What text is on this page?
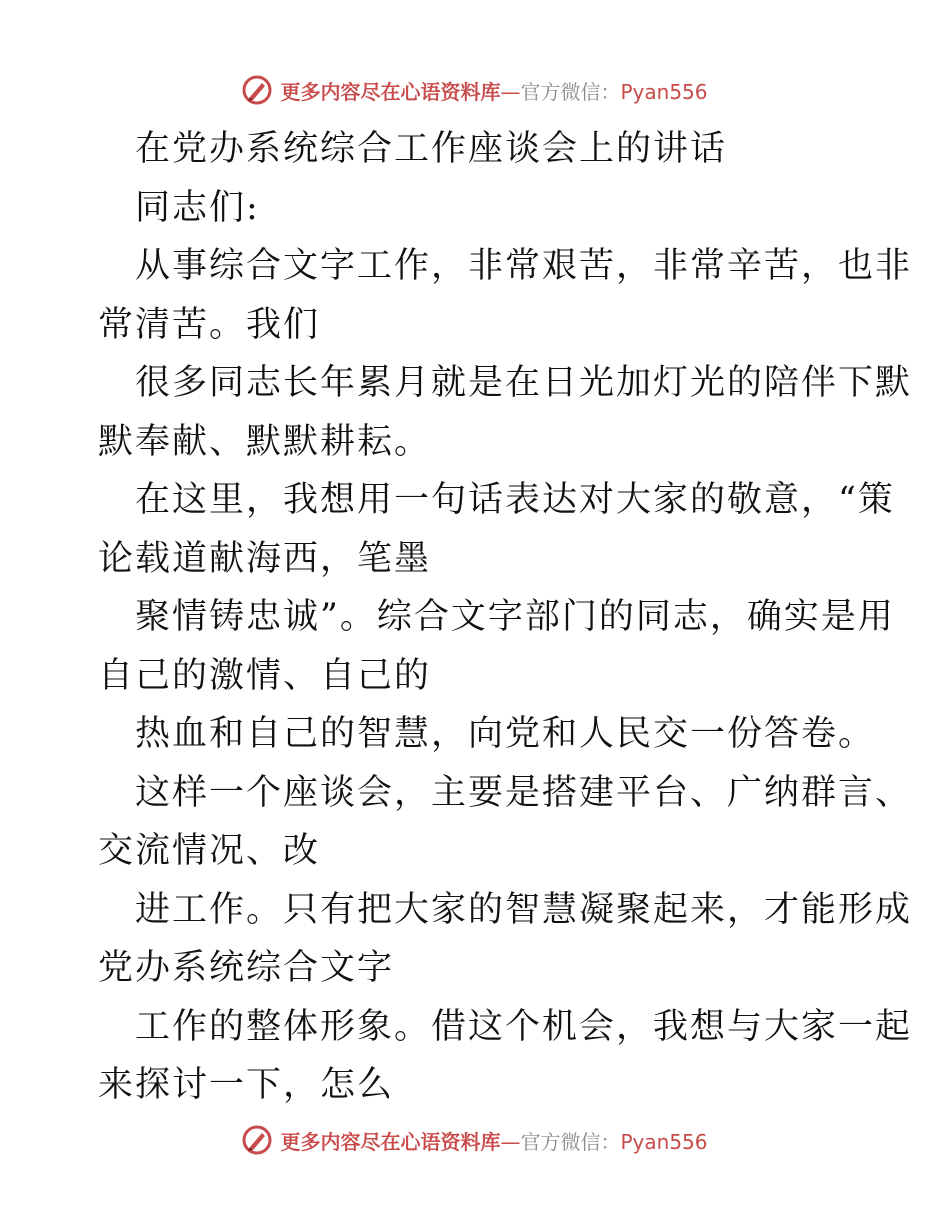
更多内容尽在心语资料库—官方微信：Pyan556
在党办系统综合工作座谈会上的讲话
同志们:
从事综合文字工作，非常艰苦，非常辛苦，也非
常清苦。我们
很多同志长年累月就是在日光加灯光的陪伴下默
默奉献、默默耕耘。
在这里，我想用一句话表达对大家的敬意，“策
论载道献海西，笔墨
聚情铸忠诚”。综合文字部门的同志，确实是用
自己的激情、自己的
热血和自己的智慧，向党和人民交一份答卷。
这样一个座谈会，主要是搭建平台、广纳群言、
交流情况、改
进工作。只有把大家的智慧凝聚起来，才能形成
党办系统综合文字
工作的整体形象。借这个机会，我想与大家一起
来探讨一下，怎么
更多内容尽在心语资料库—官方微信：Pyan556
